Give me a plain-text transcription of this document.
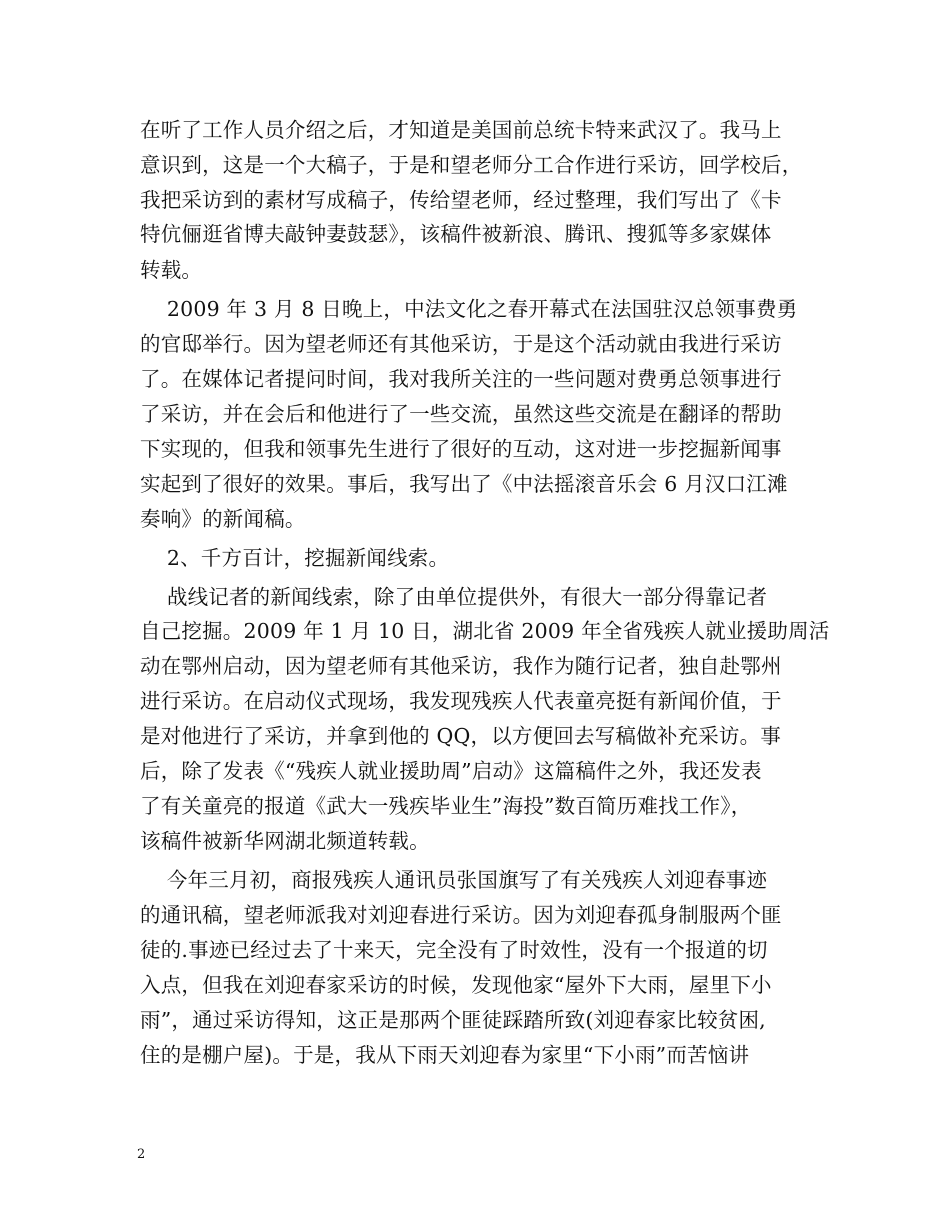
在听了工作人员介绍之后，才知道是美国前总统卡特来武汉了。我马上
意识到，这是一个大稿子，于是和望老师分工合作进行采访，回学校后，
我把采访到的素材写成稿子，传给望老师，经过整理，我们写出了《卡
特伉俪逛省博夫敲钟妻鼓瑟》，该稿件被新浪、腾讯、搜狐等多家媒体
转载。
2009 年 3 月 8 日晚上，中法文化之春开幕式在法国驻汉总领事费勇
的官邸举行。因为望老师还有其他采访，于是这个活动就由我进行采访
了。在媒体记者提问时间，我对我所关注的一些问题对费勇总领事进行
了采访，并在会后和他进行了一些交流，虽然这些交流是在翻译的帮助
下实现的，但我和领事先生进行了很好的互动，这对进一步挖掘新闻事
实起到了很好的效果。事后，我写出了《中法摇滚音乐会 6 月汉口江滩
奏响》的新闻稿。
2、千方百计，挖掘新闻线索。
战线记者的新闻线索，除了由单位提供外，有很大一部分得靠记者
自己挖掘。2009 年 1 月 10 日，湖北省 2009 年全省残疾人就业援助周活
动在鄂州启动，因为望老师有其他采访，我作为随行记者，独自赴鄂州
进行采访。在启动仪式现场，我发现残疾人代表童亮挺有新闻价值，于
是对他进行了采访，并拿到他的 QQ，以方便回去写稿做补充采访。事
后，除了发表《“残疾人就业援助周”启动》这篇稿件之外，我还发表
了有关童亮的报道《武大一残疾毕业生”海投”数百简历难找工作》，
该稿件被新华网湖北频道转载。
今年三月初，商报残疾人通讯员张国旗写了有关残疾人刘迎春事迹
的通讯稿，望老师派我对刘迎春进行采访。因为刘迎春孤身制服两个匪
徒的.事迹已经过去了十来天，完全没有了时效性，没有一个报道的切
入点，但我在刘迎春家采访的时候，发现他家“屋外下大雨，屋里下小
雨”，通过采访得知，这正是那两个匪徒踩踏所致(刘迎春家比较贫困,
住的是棚户屋)。于是，我从下雨天刘迎春为家里“下小雨”而苦恼讲
2
